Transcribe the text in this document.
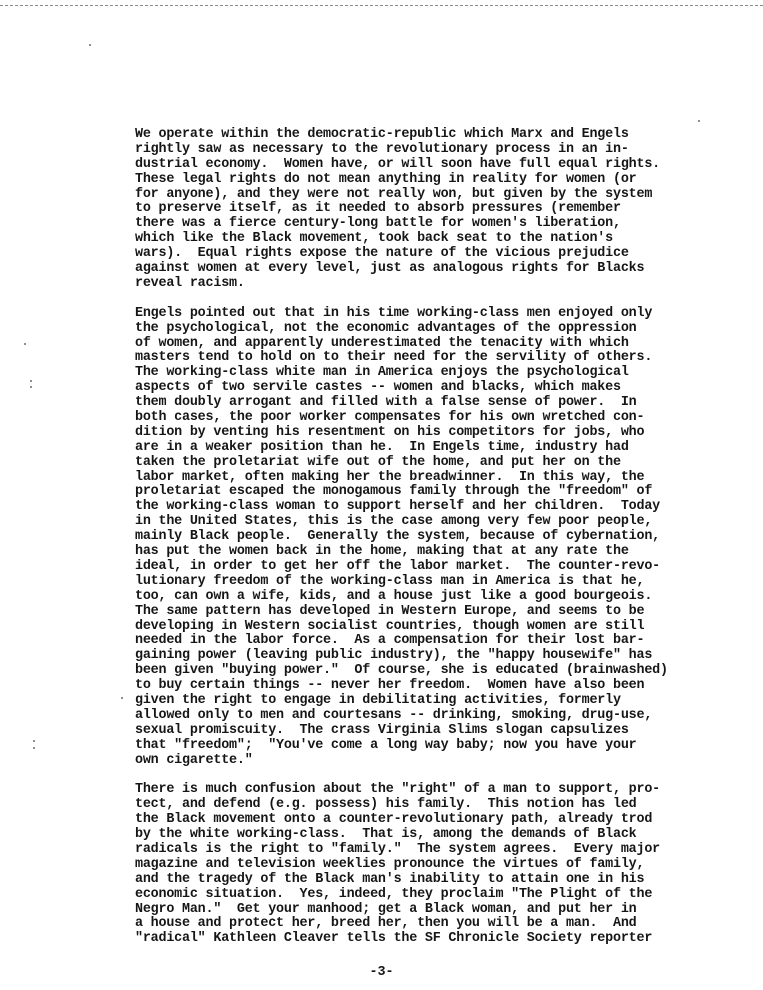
We operate within the democratic-republic which Marx and Engels
rightly saw as necessary to the revolutionary process in an in-
dustrial economy.  Women have, or will soon have full equal rights.
These legal rights do not mean anything in reality for women (or
for anyone), and they were not really won, but given by the system
to preserve itself, as it needed to absorb pressures (remember
there was a fierce century-long battle for women's liberation,
which like the Black movement, took back seat to the nation's
wars).  Equal rights expose the nature of the vicious prejudice
against women at every level, just as analogous rights for Blacks
reveal racism.
Engels pointed out that in his time working-class men enjoyed only
the psychological, not the economic advantages of the oppression
of women, and apparently underestimated the tenacity with which
masters tend to hold on to their need for the servility of others.
The working-class white man in America enjoys the psychological
aspects of two servile castes -- women and blacks, which makes
them doubly arrogant and filled with a false sense of power.  In
both cases, the poor worker compensates for his own wretched con-
dition by venting his resentment on his competitors for jobs, who
are in a weaker position than he.  In Engels time, industry had
taken the proletariat wife out of the home, and put her on the
labor market, often making her the breadwinner.  In this way, the
proletariat escaped the monogamous family through the "freedom" of
the working-class woman to support herself and her children.  Today
in the United States, this is the case among very few poor people,
mainly Black people.  Generally the system, because of cybernation,
has put the women back in the home, making that at any rate the
ideal, in order to get her off the labor market.  The counter-revo-
lutionary freedom of the working-class man in America is that he,
too, can own a wife, kids, and a house just like a good bourgeois.
The same pattern has developed in Western Europe, and seems to be
developing in Western socialist countries, though women are still
needed in the labor force.  As a compensation for their lost bar-
gaining power (leaving public industry), the "happy housewife" has
been given "buying power."  Of course, she is educated (brainwashed)
to buy certain things -- never her freedom.  Women have also been
given the right to engage in debilitating activities, formerly
allowed only to men and courtesans -- drinking, smoking, drug-use,
sexual promiscuity.  The crass Virginia Slims slogan capsulizes
that "freedom";  "You've come a long way baby; now you have your
own cigarette."
There is much confusion about the "right" of a man to support, pro-
tect, and defend (e.g. possess) his family.  This notion has led
the Black movement onto a counter-revolutionary path, already trod
by the white working-class.  That is, among the demands of Black
radicals is the right to "family."  The system agrees.  Every major
magazine and television weeklies pronounce the virtues of family,
and the tragedy of the Black man's inability to attain one in his
economic situation.  Yes, indeed, they proclaim "The Plight of the
Negro Man."  Get your manhood; get a Black woman, and put her in
a house and protect her, breed her, then you will be a man.  And
"radical" Kathleen Cleaver tells the SF Chronicle Society reporter
-3-
